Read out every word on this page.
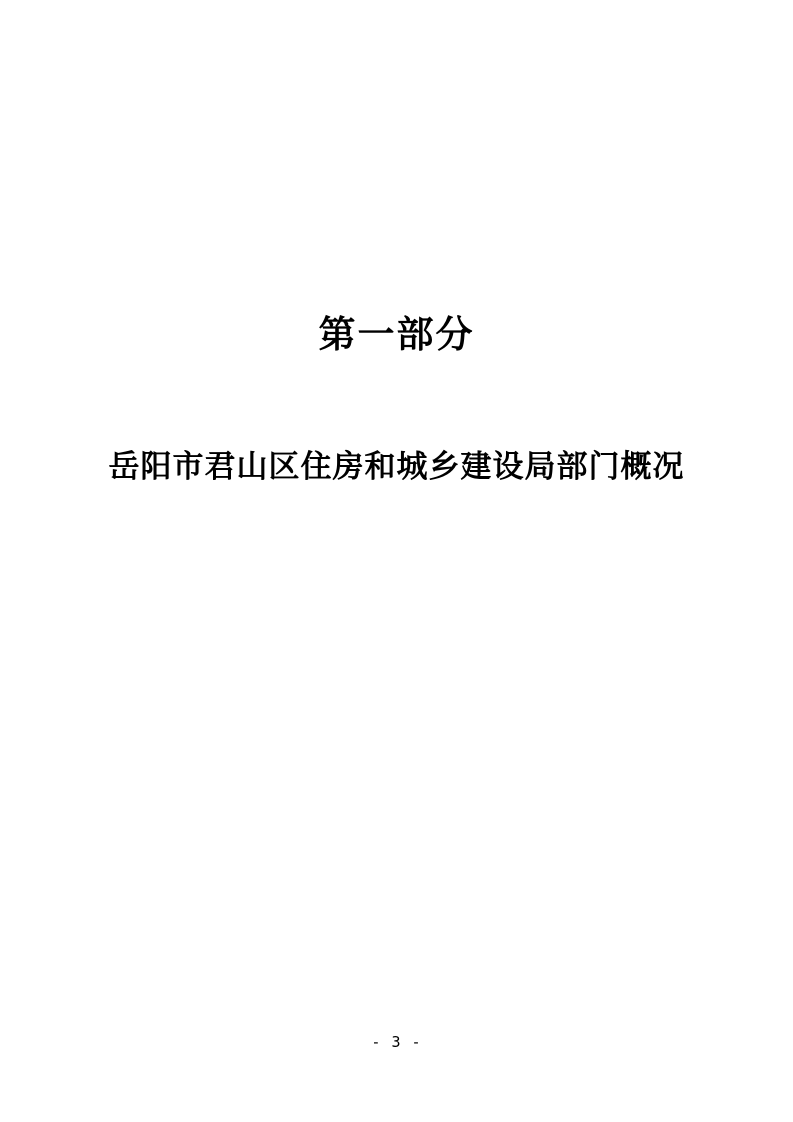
第一部分
岳阳市君山区住房和城乡建设局部门概况
- 3 -
